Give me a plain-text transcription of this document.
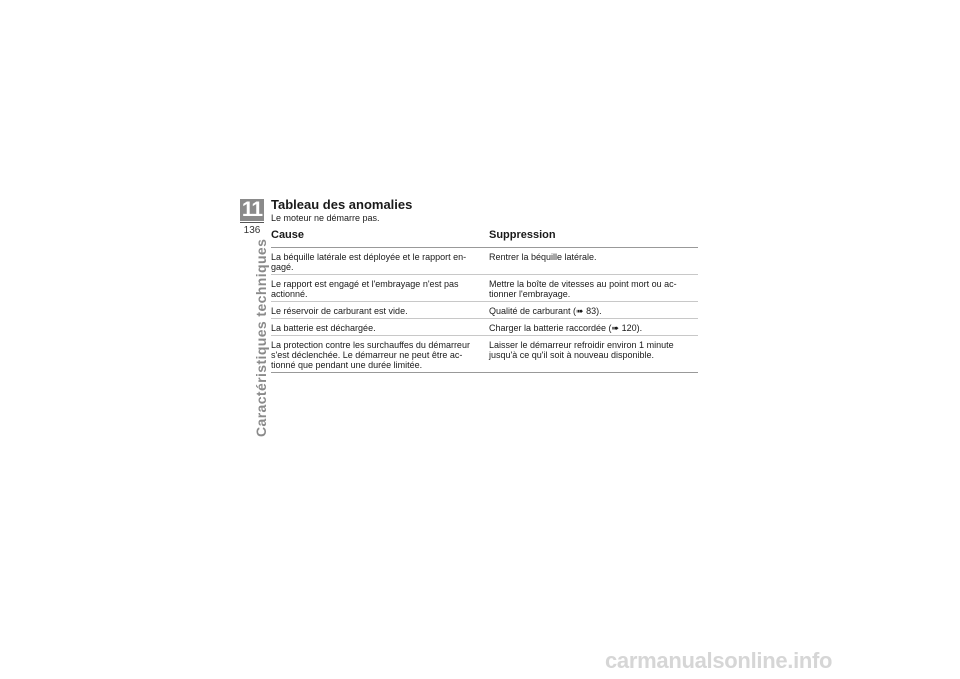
11
136
Caractéristiques techniques
Tableau des anomalies

Le moteur ne démarre pas.

Cause	Suppression
La béquille latérale est déployée et le rapport en-gagé.	Rentrer la béquille latérale.
Le rapport est engagé et l'embrayage n'est pas actionné.	Mettre la boîte de vitesses au point mort ou ac-tionner l'embrayage.
Le réservoir de carburant est vide.	Qualité de carburant (➠ 83).
La batterie est déchargée.	Charger la batterie raccordée (➠ 120).
La protection contre les surchauffes du démarreur s'est déclenchée. Le démarreur ne peut être ac-tionné que pendant une durée limitée.	Laisser le démarreur refroidir environ 1 minute jusqu'à ce qu'il soit à nouveau disponible.
carmanualsonline.info
